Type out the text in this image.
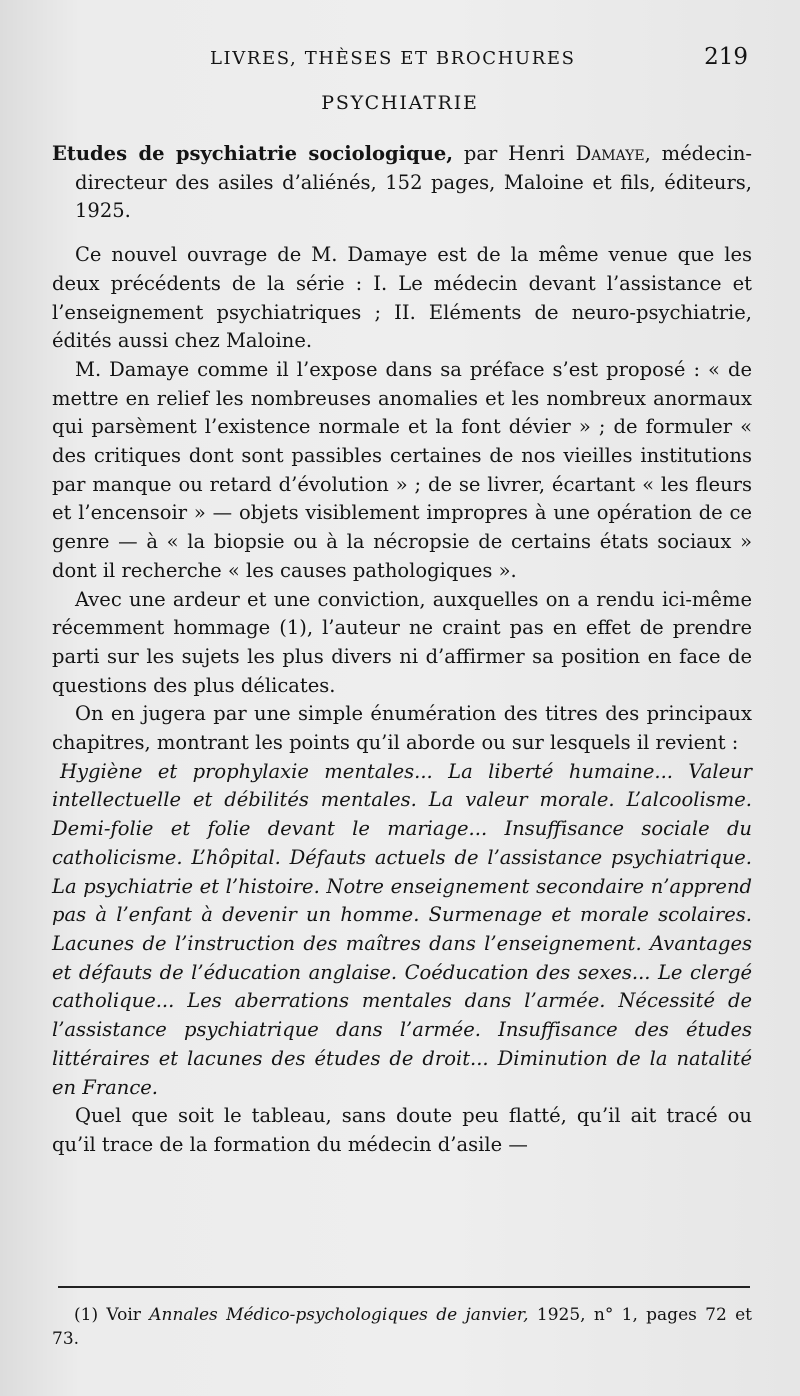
LIVRES, THÈSES ET BROCHURES	219
PSYCHIATRIE

Etudes de psychiatrie sociologique, par Henri Damaye, médecin-directeur des asiles d’aliénés, 152 pages, Maloine et fils, éditeurs, 1925.

Ce nouvel ouvrage de M. Damaye est de la même venue que les deux précédents de la série : I. Le médecin devant l’assistance et l’enseignement psychiatriques ; II. Eléments de neuro-psychiatrie, édités aussi chez Maloine.

M. Damaye comme il l’expose dans sa préface s’est proposé : « de mettre en relief les nombreuses anomalies et les nombreux anormaux qui parsèment l’existence normale et la font dévier » ; de formuler « des critiques dont sont passibles certaines de nos vieilles institutions par manque ou retard d’évolution » ; de se livrer, écartant « les fleurs et l’encensoir » — objets visiblement impropres à une opération de ce genre — à « la biopsie ou à la nécropsie de certains états sociaux » dont il recherche « les causes pathologiques ».

Avec une ardeur et une conviction, auxquelles on a rendu ici-même récemment hommage (1), l’auteur ne craint pas en effet de prendre parti sur les sujets les plus divers ni d’affirmer sa position en face de questions des plus délicates.

On en jugera par une simple énumération des titres des principaux chapitres, montrant les points qu’il aborde ou sur lesquels il revient :

Hygiène et prophylaxie mentales... La liberté humaine... Valeur intellectuelle et débilités mentales. La valeur morale. L’alcoolisme. Demi-folie et folie devant le mariage... Insuffisance sociale du catholicisme. L’hôpital. Défauts actuels de l’assistance psychiatrique. La psychiatrie et l’histoire. Notre enseignement secondaire n’apprend pas à l’enfant à devenir un homme. Surmenage et morale scolaires. Lacunes de l’instruction des maîtres dans l’enseignement. Avantages et défauts de l’éducation anglaise. Coéducation des sexes... Le clergé catholique... Les aberrations mentales dans l’armée. Nécessité de l’assistance psychiatrique dans l’armée. Insuffisance des études littéraires et lacunes des études de droit... Diminution de la natalité en France.

Quel que soit le tableau, sans doute peu flatté, qu’il ait tracé ou qu’il trace de la formation du médecin d’asile —

(1) Voir Annales Médico-psychologiques de janvier, 1925, n° 1, pages 72 et 73.
